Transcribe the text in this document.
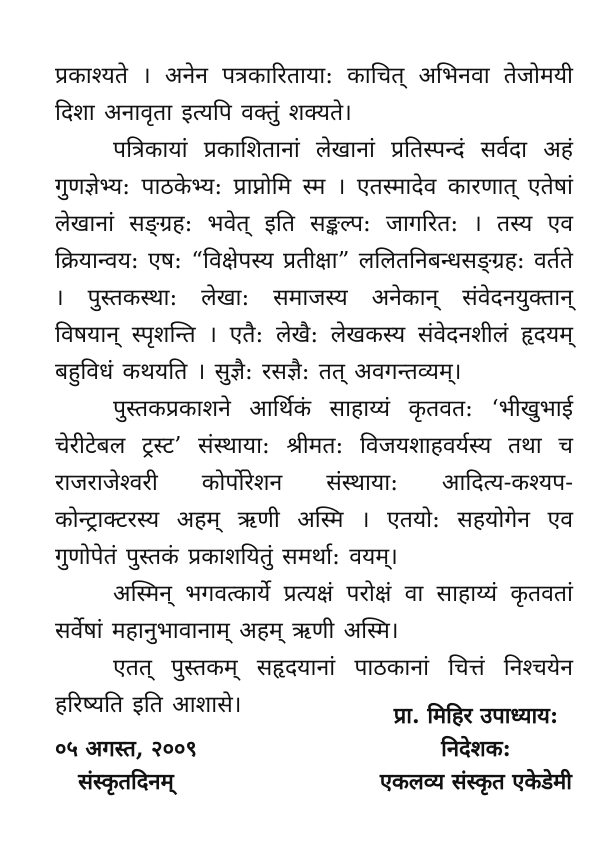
प्रकाश्यते । अनेन पत्रकारिताया: काचित् अभिनवा तेजोमयी दिशा अनावृता इत्यपि वक्तुं शक्यते।

पत्रिकायां प्रकाशितानां लेखानां प्रतिस्पन्दं सर्वदा अहं गुणज्ञेभ्य: पाठकेभ्य: प्राप्नोमि स्म । एतस्मादेव कारणात् एतेषां लेखानां सङ्ग्रह: भवेत् इति सङ्कल्प: जागरित: । तस्य एव क्रियान्वय: एष: “विक्षेपस्य प्रतीक्षा” ललितनिबन्धसङ्ग्रह: वर्तते । पुस्तकस्था: लेखा: समाजस्य अनेकान् संवेदनयुक्तान् विषयान् स्पृशन्ति । एतै: लेखै: लेखकस्य संवेदनशीलं हृदयम् बहुविधं कथयति । सुज्ञै: रसज्ञै: तत् अवगन्तव्यम्।

पुस्तकप्रकाशने आर्थिकं साहाय्यं कृतवत: ‘भीखुभाई चेरीटेबल ट्रस्ट’ संस्थाया: श्रीमत: विजयशाहवर्यस्य तथा च राजराजेश्वरी कोर्पोरेशन संस्थाया: आदित्य-कश्यप-कोन्ट्राक्टरस्य अहम् ऋणी अस्मि । एतयो: सहयोगेन एव गुणोपेतं पुस्तकं प्रकाशयितुं समर्था: वयम्।

अस्मिन् भगवत्कार्ये प्रत्यक्षं परोक्षं वा साहाय्यं कृतवतां सर्वेषां महानुभावानाम् अहम् ऋणी अस्मि।

एतत् पुस्तकम् सहृदयानां पाठकानां चित्तं निश्चयेन हरिष्यति इति आशासे।

०५ अगस्त, २००९
संस्कृतदिनम्
प्रा. मिहिर उपाध्याय:
निदेशक:
एकलव्य संस्कृत एकेडेमी
